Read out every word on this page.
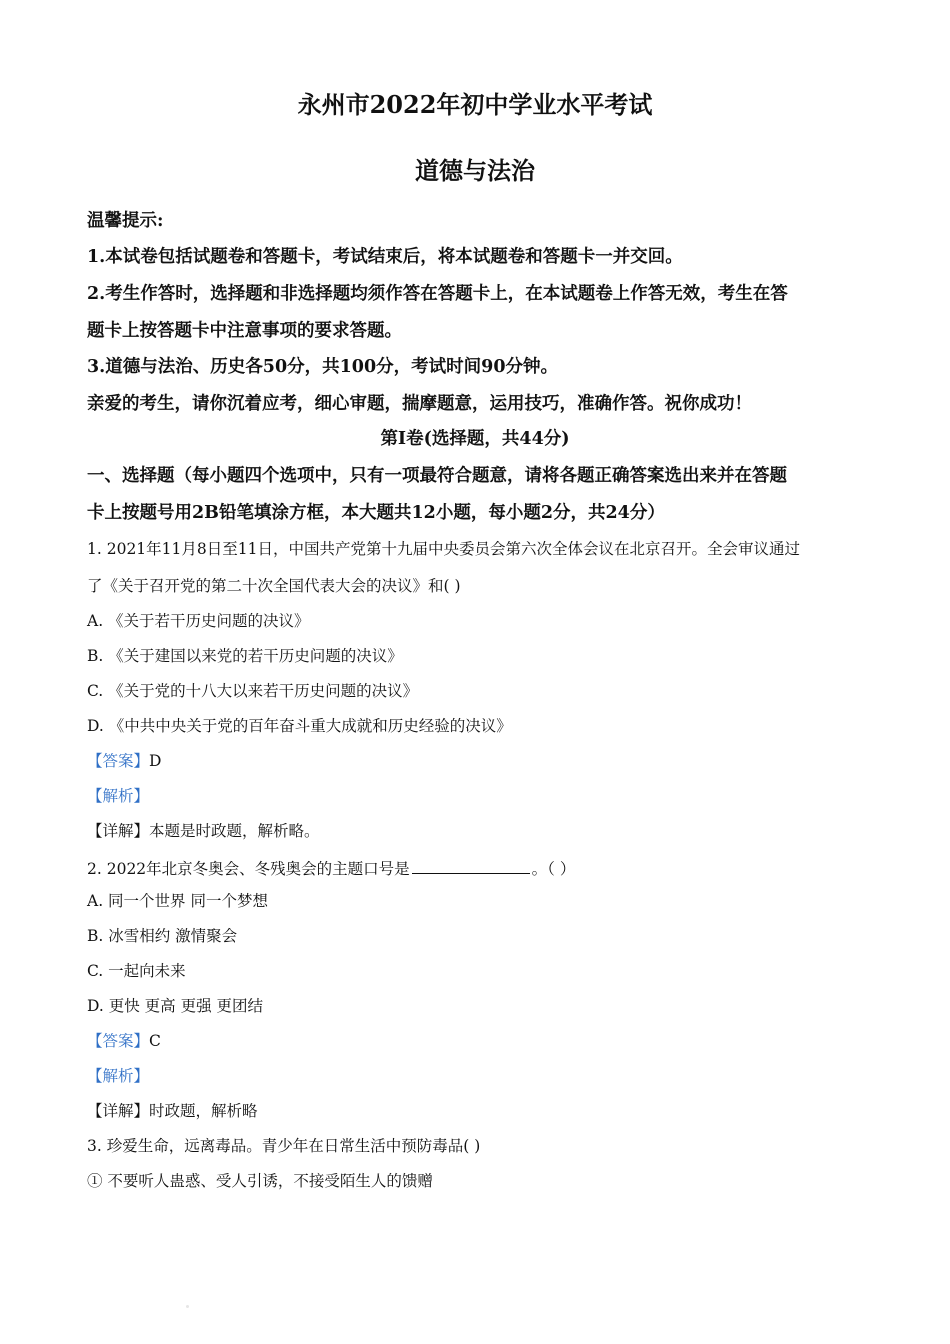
永州市2022年初中学业水平考试
道德与法治
温馨提示:
1.本试卷包括试题卷和答题卡，考试结束后，将本试题卷和答题卡一并交回。
2.考生作答时，选择题和非选择题均须作答在答题卡上，在本试题卷上作答无效，考生在答
题卡上按答题卡中注意事项的要求答题。
3.道德与法治、历史各50分，共100分，考试时间90分钟。
亲爱的考生，请你沉着应考，细心审题，揣摩题意，运用技巧，准确作答。祝你成功！
第Ⅰ卷(选择题，共44分)
一、选择题（每小题四个选项中，只有一项最符合题意，请将各题正确答案选出来并在答题
卡上按题号用2B铅笔填涂方框，本大题共12小题，每小题2分，共24分）
1. 2021年11月8日至11日，中国共产党第十九届中央委员会第六次全体会议在北京召开。全会审议通过
了《关于召开党的第二十次全国代表大会的决议》和( )
A. 《关于若干历史问题的决议》
B. 《关于建国以来党的若干历史问题的决议》
C. 《关于党的十八大以来若干历史问题的决议》
D. 《中共中央关于党的百年奋斗重大成就和历史经验的决议》
【答案】D
【解析】
【详解】本题是时政题，解析略。
2. 2022年北京冬奥会、冬残奥会的主题口号是	。（ ）
A. 同一个世界 同一个梦想
B. 冰雪相约 激情聚会
C. 一起向未来
D. 更快 更高 更强 更团结
【答案】C
【解析】
【详解】时政题，解析略
3. 珍爱生命，远离毒品。青少年在日常生活中预防毒品( )
① 不要听人蛊惑、受人引诱，不接受陌生人的馈赠
